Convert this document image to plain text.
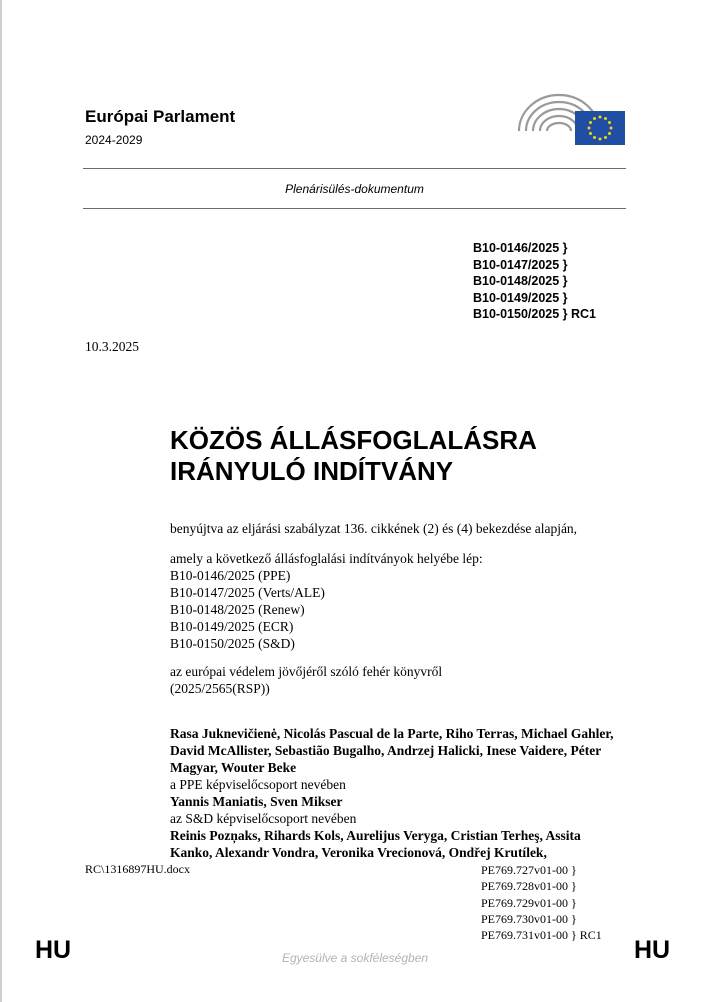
Európai Parlament
2024-2029
Plenárisülés-dokumentum
B10-0146/2025 }
B10-0147/2025 }
B10-0148/2025 }
B10-0149/2025 }
B10-0150/2025 } RC1
10.3.2025
KÖZÖS ÁLLÁSFOGLALÁSRA
IRÁNYULÓ INDÍTVÁNY
benyújtva az eljárási szabályzat 136. cikkének (2) és (4) bekezdése alapján,
amely a következő állásfoglalási indítványok helyébe lép:
B10-0146/2025 (PPE)
B10-0147/2025 (Verts/ALE)
B10-0148/2025 (Renew)
B10-0149/2025 (ECR)
B10-0150/2025 (S&D)
az európai védelem jövőjéről szóló fehér könyvről
(2025/2565(RSP))
Rasa Juknevičienė, Nicolás Pascual de la Parte, Riho Terras, Michael Gahler, David McAllister, Sebastião Bugalho, Andrzej Halicki, Inese Vaidere, Péter Magyar, Wouter Beke
a PPE képviselőcsoport nevében
Yannis Maniatis, Sven Mikser
az S&D képviselőcsoport nevében
Reinis Pozņaks, Rihards Kols, Aurelijus Veryga, Cristian Terheş, Assita Kanko, Alexandr Vondra, Veronika Vrecionová, Ondřej Krutílek,
RC\1316897HU.docx	PE769.727v01-00 }
PE769.728v01-00 }
PE769.729v01-00 }
PE769.730v01-00 }
PE769.731v01-00 } RC1
HU	Egyesülve a sokféleségben	HU
